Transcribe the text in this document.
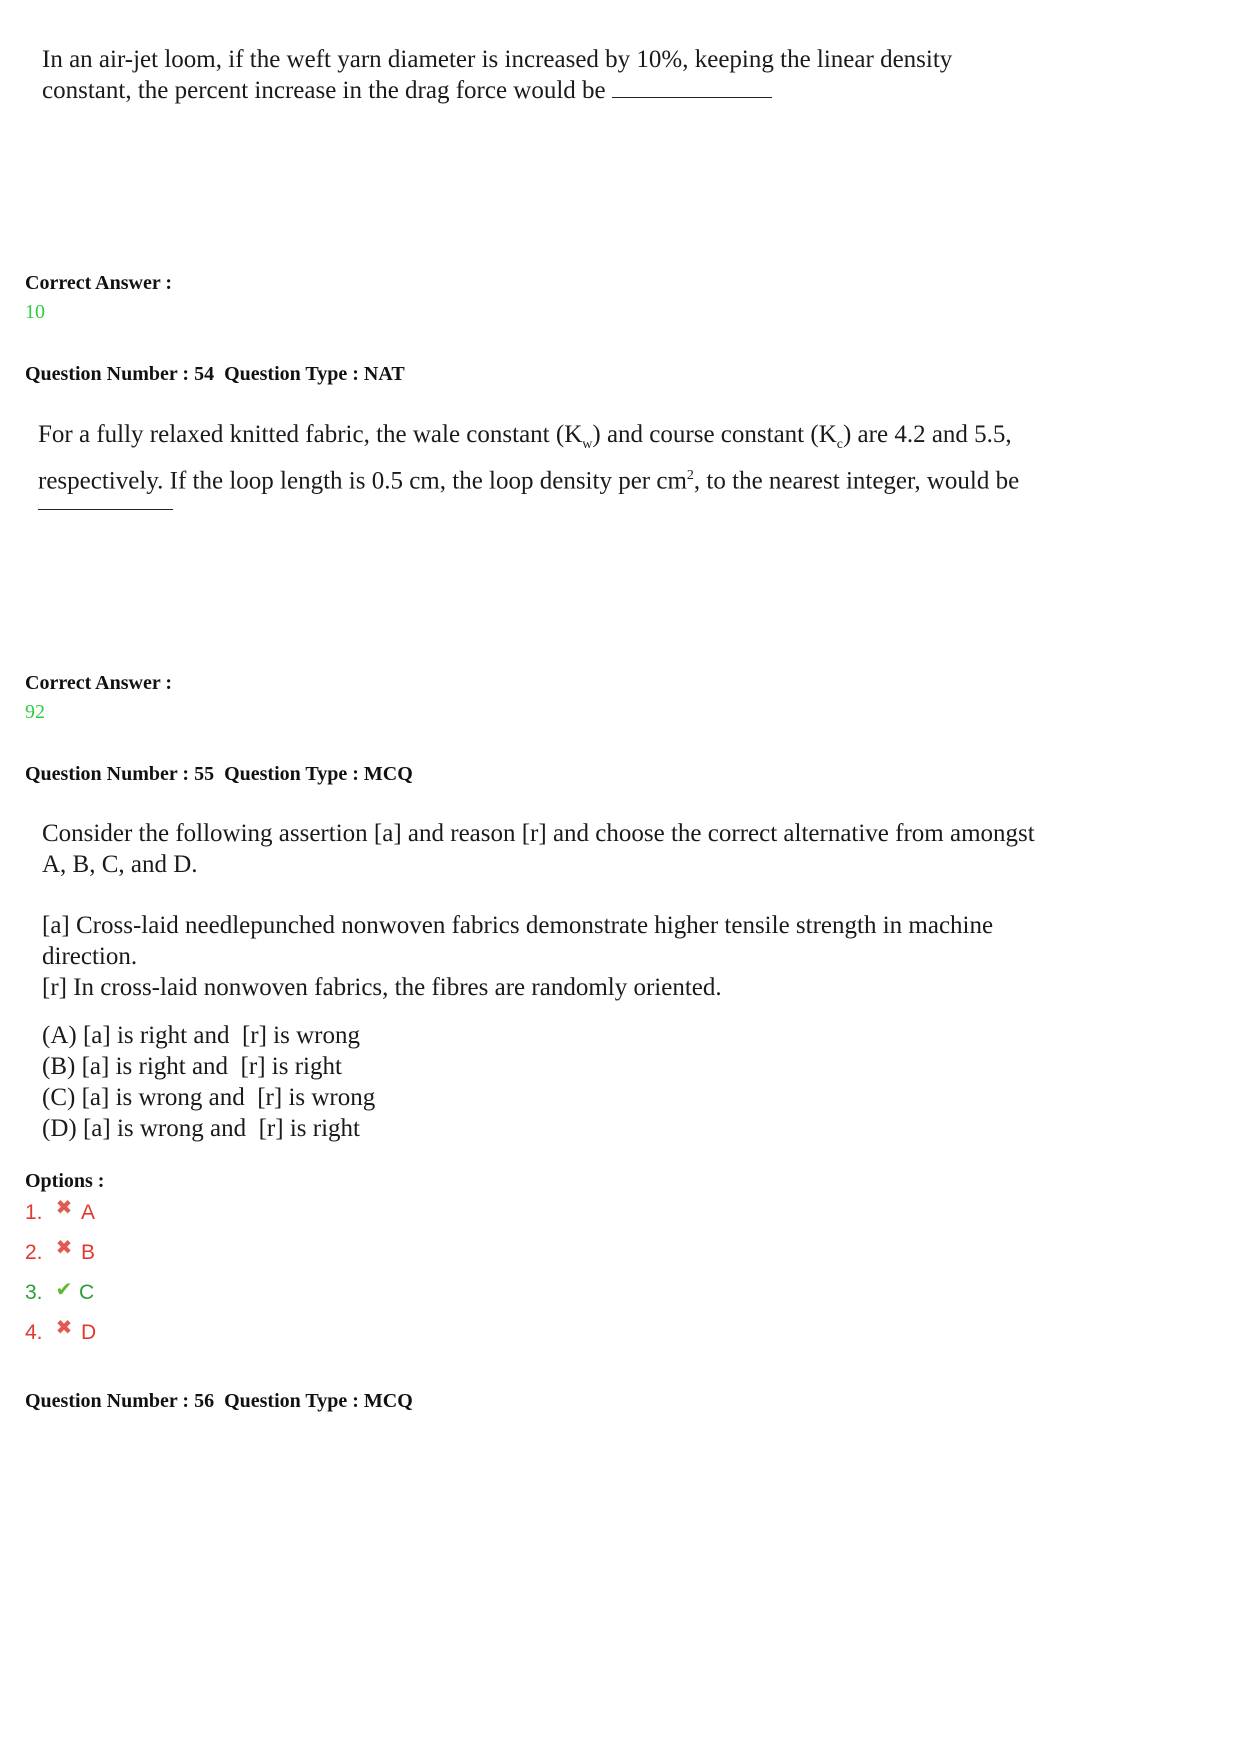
In an air-jet loom, if the weft yarn diameter is increased by 10%, keeping the linear density

constant, the percent increase in the drag force would be

Correct Answer :
10
Question Number : 54  Question Type : NAT

For a fully relaxed knitted fabric, the wale constant $(K_w)$ and course constant $(K_c)$ are 4.2 and 5.5,

respectively. If the loop length is 0.5 cm, the loop density per $cm^2$, to the nearest integer, would be

Correct Answer :
92
Question Number : 55  Question Type : MCQ

Consider the following assertion [a] and reason [r] and choose the correct alternative from amongst

A, B, C, and D.

[a] Cross-laid needlepunched nonwoven fabrics demonstrate higher tensile strength in machine

direction.

[r] In cross-laid nonwoven fabrics, the fibres are randomly oriented.

(A) [a] is right and  [r] is wrong

(B) [a] is right and  [r] is right

(C) [a] is wrong and  [r] is wrong

(D) [a] is wrong and  [r] is right

Options :
1. ✖ A
2. ✖ B
3. ✔ C
4. ✖ D
Question Number : 56  Question Type : MCQ
